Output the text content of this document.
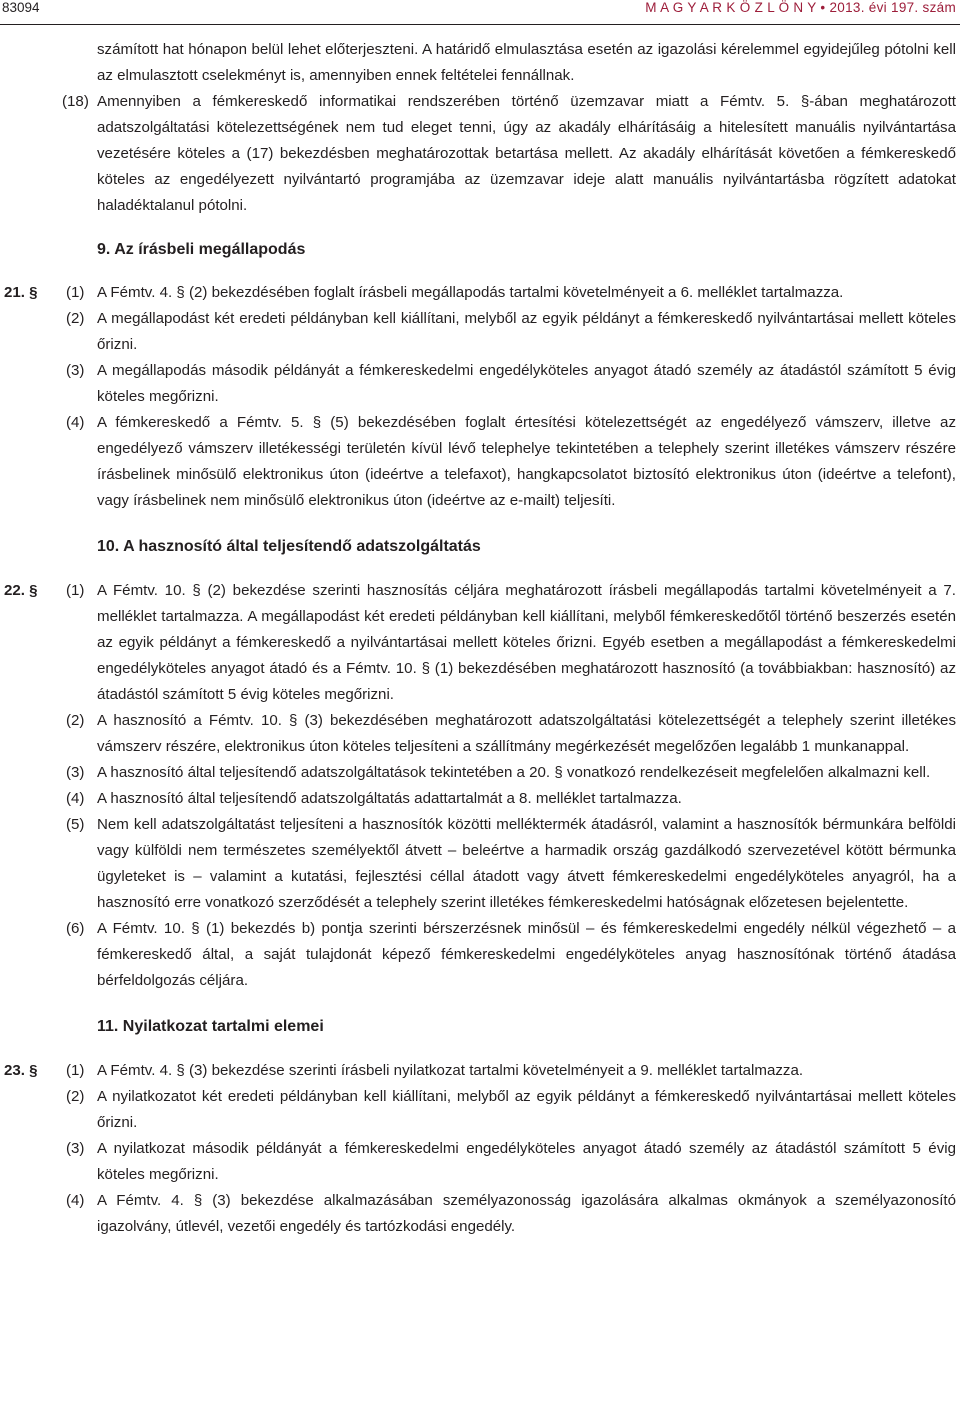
83094	M A G Y A R K Ö Z L Ö N Y • 2013. évi 197. szám
számított hat hónapon belül lehet előterjeszteni. A határidő elmulasztása esetén az igazolási kérelemmel egyidejűleg pótolni kell az elmulasztott cselekményt is, amennyiben ennek feltételei fennállnak.
(18) Amennyiben a fémkereskedő informatikai rendszerében történő üzemzavar miatt a Fémtv. 5. §-ában meghatározott adatszolgáltatási kötelezettségének nem tud eleget tenni, úgy az akadály elhárításáig a hitelesített manuális nyilvántartása vezetésére köteles a (17) bekezdésben meghatározottak betartása mellett. Az akadály elhárítását követően a fémkereskedő köteles az engedélyezett nyilvántartó programjába az üzemzavar ideje alatt manuális nyilvántartásba rögzített adatokat haladéktalanul pótolni.
9. Az írásbeli megállapodás
21. § (1) A Fémtv. 4. § (2) bekezdésében foglalt írásbeli megállapodás tartalmi követelményeit a 6. melléklet tartalmazza.
(2) A megállapodást két eredeti példányban kell kiállítani, melyből az egyik példányt a fémkereskedő nyilvántartásai mellett köteles őrizni.
(3) A megállapodás második példányát a fémkereskedelmi engedélyköteles anyagot átadó személy az átadástól számított 5 évig köteles megőrizni.
(4) A fémkereskedő a Fémtv. 5. § (5) bekezdésében foglalt értesítési kötelezettségét az engedélyező vámszerv, illetve az engedélyező vámszerv illetékességi területén kívül lévő telephelye tekintetében a telephely szerint illetékes vámszerv részére írásbelinek minősülő elektronikus úton (ideértve a telefaxot), hangkapcsolatot biztosító elektronikus úton (ideértve a telefont), vagy írásbelinek nem minősülő elektronikus úton (ideértve az e-mailt) teljesíti.
10. A hasznosító által teljesítendő adatszolgáltatás
22. § (1) A Fémtv. 10. § (2) bekezdése szerinti hasznosítás céljára meghatározott írásbeli megállapodás tartalmi követelményeit a 7. melléklet tartalmazza. A megállapodást két eredeti példányban kell kiállítani, melyből fémkereskedőtől történő beszerzés esetén az egyik példányt a fémkereskedő a nyilvántartásai mellett köteles őrizni. Egyéb esetben a megállapodást a fémkereskedelmi engedélyköteles anyagot átadó és a Fémtv. 10. § (1) bekezdésében meghatározott hasznosító (a továbbiakban: hasznosító) az átadástól számított 5 évig köteles megőrizni.
(2) A hasznosító a Fémtv. 10. § (3) bekezdésében meghatározott adatszolgáltatási kötelezettségét a telephely szerint illetékes vámszerv részére, elektronikus úton köteles teljesíteni a szállítmány megérkezését megelőzően legalább 1 munkanappal.
(3) A hasznosító által teljesítendő adatszolgáltatások tekintetében a 20. § vonatkozó rendelkezéseit megfelelően alkalmazni kell.
(4) A hasznosító által teljesítendő adatszolgáltatás adattartalmát a 8. melléklet tartalmazza.
(5) Nem kell adatszolgáltatást teljesíteni a hasznosítók közötti melléktermék átadásról, valamint a hasznosítók bérmunkára belföldi vagy külföldi nem természetes személyektől átvett – beleértve a harmadik ország gazdálkodó szervezetével kötött bérmunka ügyleteket is – valamint a kutatási, fejlesztési céllal átadott vagy átvett fémkereskedelmi engedélyköteles anyagról, ha a hasznosító erre vonatkozó szerződését a telephely szerint illetékes fémkereskedelmi hatóságnak előzetesen bejelentette.
(6) A Fémtv. 10. § (1) bekezdés b) pontja szerinti bérszerzésnek minősül – és fémkereskedelmi engedély nélkül végezhető – a fémkereskedő által, a saját tulajdonát képező fémkereskedelmi engedélyköteles anyag hasznosítónak történő átadása bérfeldolgozás céljára.
11. Nyilatkozat tartalmi elemei
23. § (1) A Fémtv. 4. § (3) bekezdése szerinti írásbeli nyilatkozat tartalmi követelményeit a 9. melléklet tartalmazza.
(2) A nyilatkozatot két eredeti példányban kell kiállítani, melyből az egyik példányt a fémkereskedő nyilvántartásai mellett köteles őrizni.
(3) A nyilatkozat második példányát a fémkereskedelmi engedélyköteles anyagot átadó személy az átadástól számított 5 évig köteles megőrizni.
(4) A Fémtv. 4. § (3) bekezdése alkalmazásában személyazonosság igazolására alkalmas okmányok a személyazonosító igazolvány, útlevél, vezetői engedély és tartózkodási engedély.
